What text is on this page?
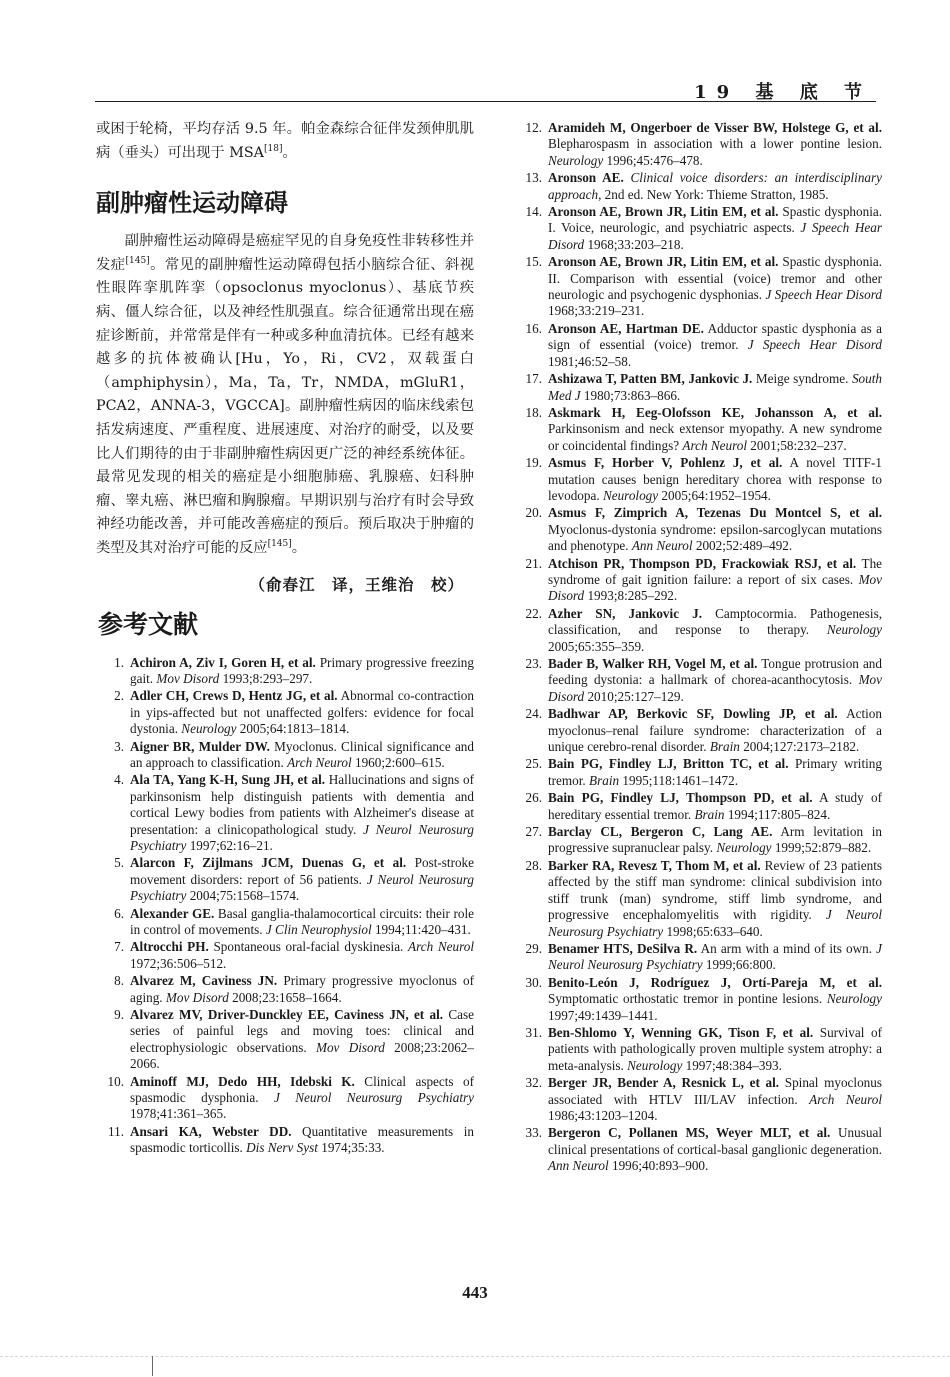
19 基 底 节

或困于轮椅，平均存活 9.5 年。帕金森综合征伴发颈伸肌肌病（垂头）可出现于 MSA[18]。

副肿瘤性运动障碍

副肿瘤性运动障碍是癌症罕见的自身免疫性非转移性并发症[145]。常见的副肿瘤性运动障碍包括小脑综合征、斜视性眼阵挛肌阵挛（opsoclonus myoclonus）、基底节疾病、僵人综合征，以及神经性肌强直。综合征通常出现在癌症诊断前，并常常是伴有一种或多种血清抗体。已经有越来越多的抗体被确认[Hu，Yo，Ri，CV2，双载蛋白（amphiphysin），Ma，Ta，Tr，NMDA，mGluR1，PCA2，ANNA-3，VGCCA]。副肿瘤性病因的临床线索包括发病速度、严重程度、进展速度、对治疗的耐受，以及要比人们期待的由于非副肿瘤性病因更广泛的神经系统体征。最常见发现的相关的癌症是小细胞肺癌、乳腺癌、妇科肿瘤、睾丸癌、淋巴瘤和胸腺瘤。早期识别与治疗有时会导致神经功能改善，并可能改善癌症的预后。预后取决于肿瘤的类型及其对治疗可能的反应[145]。

（俞春江　译，王维治　校）
参考文献
1. Achiron A, Ziv I, Goren H, et al. Primary progressive freezing gait. Mov Disord 1993;8:293–297.
2. Adler CH, Crews D, Hentz JG, et al. Abnormal co-contraction in yips-affected but not unaffected golfers: evidence for focal dystonia. Neurology 2005;64:1813–1814.
3. Aigner BR, Mulder DW. Myoclonus. Clinical significance and an approach to classification. Arch Neurol 1960;2:600–615.
4. Ala TA, Yang K-H, Sung JH, et al. Hallucinations and signs of parkinsonism help distinguish patients with dementia and cortical Lewy bodies from patients with Alzheimer's disease at presentation: a clinicopathological study. J Neurol Neurosurg Psychiatry 1997;62:16–21.
5. Alarcon F, Zijlmans JCM, Duenas G, et al. Post-stroke movement disorders: report of 56 patients. J Neurol Neurosurg Psychiatry 2004;75:1568–1574.
6. Alexander GE. Basal ganglia-thalamocortical circuits: their role in control of movements. J Clin Neurophysiol 1994;11:420–431.
7. Altrocchi PH. Spontaneous oral-facial dyskinesia. Arch Neurol 1972;36:506–512.
8. Alvarez M, Caviness JN. Primary progressive myoclonus of aging. Mov Disord 2008;23:1658–1664.
9. Alvarez MV, Driver-Dunckley EE, Caviness JN, et al. Case series of painful legs and moving toes: clinical and electrophysiologic observations. Mov Disord 2008;23:2062–2066.
10. Aminoff MJ, Dedo HH, Idebski K. Clinical aspects of spasmodic dysphonia. J Neurol Neurosurg Psychiatry 1978;41:361–365.
11. Ansari KA, Webster DD. Quantitative measurements in spasmodic torticollis. Dis Nerv Syst 1974;35:33.
12. Aramideh M, Ongerboer de Visser BW, Holstege G, et al. Blepharospasm in association with a lower pontine lesion. Neurology 1996;45:476–478.
13. Aronson AE. Clinical voice disorders: an interdisciplinary approach, 2nd ed. New York: Thieme Stratton, 1985.
14. Aronson AE, Brown JR, Litin EM, et al. Spastic dysphonia. I. Voice, neurologic, and psychiatric aspects. J Speech Hear Disord 1968;33:203–218.
15. Aronson AE, Brown JR, Litin EM, et al. Spastic dysphonia. II. Comparison with essential (voice) tremor and other neurologic and psychogenic dysphonias. J Speech Hear Disord 1968;33:219–231.
16. Aronson AE, Hartman DE. Adductor spastic dysphonia as a sign of essential (voice) tremor. J Speech Hear Disord 1981;46:52–58.
17. Ashizawa T, Patten BM, Jankovic J. Meige syndrome. South Med J 1980;73:863–866.
18. Askmark H, Eeg-Olofsson KE, Johansson A, et al. Parkinsonism and neck extensor myopathy. A new syndrome or coincidental findings? Arch Neurol 2001;58:232–237.
19. Asmus F, Horber V, Pohlenz J, et al. A novel TITF-1 mutation causes benign hereditary chorea with response to levodopa. Neurology 2005;64:1952–1954.
20. Asmus F, Zimprich A, Tezenas Du Montcel S, et al. Myoclonus-dystonia syndrome: epsilon-sarcoglycan mutations and phenotype. Ann Neurol 2002;52:489–492.
21. Atchison PR, Thompson PD, Frackowiak RSJ, et al. The syndrome of gait ignition failure: a report of six cases. Mov Disord 1993;8:285–292.
22. Azher SN, Jankovic J. Camptocormia. Pathogenesis, classification, and response to therapy. Neurology 2005;65:355–359.
23. Bader B, Walker RH, Vogel M, et al. Tongue protrusion and feeding dystonia: a hallmark of chorea-acanthocytosis. Mov Disord 2010;25:127–129.
24. Badhwar AP, Berkovic SF, Dowling JP, et al. Action myoclonus–renal failure syndrome: characterization of a unique cerebro-renal disorder. Brain 2004;127:2173–2182.
25. Bain PG, Findley LJ, Britton TC, et al. Primary writing tremor. Brain 1995;118:1461–1472.
26. Bain PG, Findley LJ, Thompson PD, et al. A study of hereditary essential tremor. Brain 1994;117:805–824.
27. Barclay CL, Bergeron C, Lang AE. Arm levitation in progressive supranuclear palsy. Neurology 1999;52:879–882.
28. Barker RA, Revesz T, Thom M, et al. Review of 23 patients affected by the stiff man syndrome: clinical subdivision into stiff trunk (man) syndrome, stiff limb syndrome, and progressive encephalomyelitis with rigidity. J Neurol Neurosurg Psychiatry 1998;65:633–640.
29. Benamer HTS, DeSilva R. An arm with a mind of its own. J Neurol Neurosurg Psychiatry 1999;66:800.
30. Benito-León J, Rodríguez J, Ortí-Pareja M, et al. Symptomatic orthostatic tremor in pontine lesions. Neurology 1997;49:1439–1441.
31. Ben-Shlomo Y, Wenning GK, Tison F, et al. Survival of patients with pathologically proven multiple system atrophy: a meta-analysis. Neurology 1997;48:384–393.
32. Berger JR, Bender A, Resnick L, et al. Spinal myoclonus associated with HTLV III/LAV infection. Arch Neurol 1986;43:1203–1204.
33. Bergeron C, Pollanen MS, Weyer MLT, et al. Unusual clinical presentations of cortical-basal ganglionic degeneration. Ann Neurol 1996;40:893–900.
443
